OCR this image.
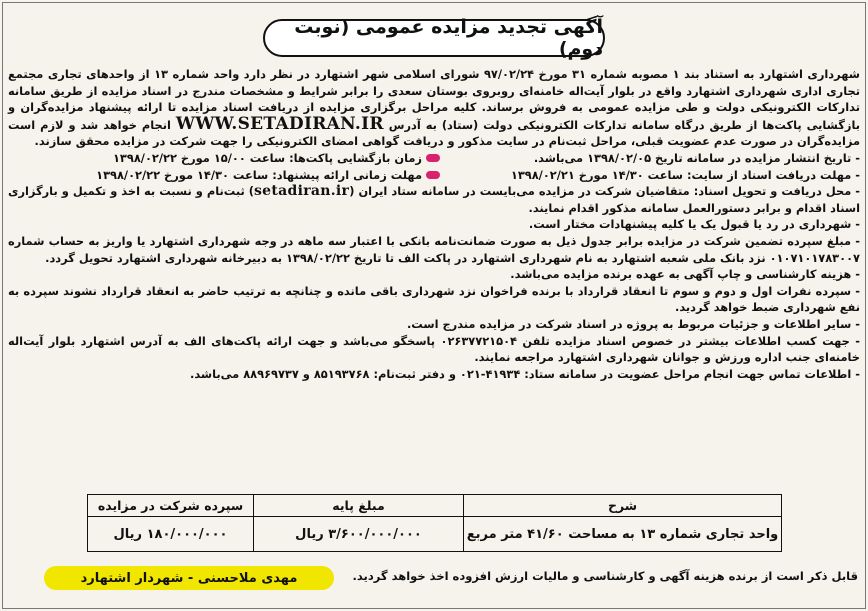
آگهی تجدید مزایده عمومی (نوبت دوم)

شهرداری اشتهارد به استناد بند ۱ مصوبه شماره ۳۱ مورخ ۹۷/۰۲/۲۴ شورای اسلامی شهر اشتهارد در نظر دارد واحد شماره ۱۳ از واحدهای تجاری مجتمع تجاری اداری شهرداری اشتهارد واقع در بلوار آیت‌اله خامنه‌ای روبروی بوستان سعدی را برابر شرایط و مشخصات مندرج در اسناد مزایده از طریق سامانه تدارکات الکترونیکی دولت و طی مزایده عمومی به فروش برساند. کلیه مراحل برگزاری مزایده از دریافت اسناد مزایده تا ارائه پیشنهاد مزایده‌گران و بازگشایی پاکت‌ها از طریق درگاه سامانه تدارکات الکترونیکی دولت (ستاد) به آدرس WWW.SETADIRAN.IR انجام خواهد شد و لازم است مزایده‌گران در صورت عدم عضویت قبلی، مراحل ثبت‌نام در سایت مذکور و دریافت گواهی امضای الکترونیکی را جهت شرکت در مزایده محقق سازند.

- تاریخ انتشار مزایده در سامانه تاریخ ۱۳۹۸/۰۲/۰۵ می‌باشد.
زمان بازگشایی پاکت‌ها: ساعت ۱۵/۰۰ مورخ ۱۳۹۸/۰۲/۲۲
- مهلت دریافت اسناد از سایت: ساعت ۱۴/۳۰ مورخ ۱۳۹۸/۰۲/۲۱
مهلت زمانی ارائه پیشنهاد: ساعت ۱۴/۳۰ مورخ ۱۳۹۸/۰۲/۲۲

- محل دریافت و تحویل اسناد: متقاضیان شرکت در مزایده می‌بایست در سامانه ستاد ایران (setadiran.ir) ثبت‌نام و نسبت به اخذ و تکمیل و بارگزاری اسناد اقدام و برابر دستورالعمل سامانه مذکور اقدام نمایند.

- شهرداری در رد یا قبول یک یا کلیه پیشنهادات مختار است.

- مبلغ سپرده تضمین شرکت در مزایده برابر جدول ذیل به صورت ضمانت‌نامه بانکی با اعتبار سه ماهه در وجه شهرداری اشتهارد یا واریز به حساب شماره ۰۱۰۷۱۰۱۷۸۳۰۰۷ نزد بانک ملی شعبه اشتهارد به نام شهرداری اشتهارد در پاکت الف تا تاریخ ۱۳۹۸/۰۲/۲۲ به دبیرخانه شهرداری اشتهارد تحویل گردد.

- هزینه کارشناسی و چاپ آگهی به عهده برنده مزایده می‌باشد.

- سپرده نفرات اول و دوم و سوم تا انعقاد قرارداد با برنده فراخوان نزد شهرداری باقی مانده و چنانچه به ترتیب حاضر به انعقاد قرارداد نشوند سپرده به نفع شهرداری ضبط خواهد گردید.

- سایر اطلاعات و جزئیات مربوط به پروژه در اسناد شرکت در مزایده مندرج است.

- جهت کسب اطلاعات بیشتر در خصوص اسناد مزایده تلفن ۰۲۶۳۷۷۲۱۵۰۴ پاسخگو می‌باشد و جهت ارائه پاکت‌های الف به آدرس اشتهارد بلوار آیت‌اله خامنه‌ای جنب اداره ورزش و جوانان شهرداری اشتهارد مراجعه نمایند.

- اطلاعات تماس جهت انجام مراحل عضویت در سامانه ستاد: ۴۱۹۳۴-۰۲۱ و دفتر ثبت‌نام: ۸۵۱۹۳۷۶۸ و ۸۸۹۶۹۷۳۷ می‌باشد.

شرح
مبلغ پایه
سپرده شرکت در مزایده
واحد تجاری شماره ۱۳ به مساحت ۴۱/۶۰ متر مربع
۳/۶۰۰/۰۰۰/۰۰۰ ریال
۱۸۰/۰۰۰/۰۰۰ ریال
قابل ذکر است از برنده هزینه آگهی و کارشناسی و مالیات ارزش افزوده اخذ خواهد گردید.
مهدی ملاحسنی - شهردار اشتهارد
